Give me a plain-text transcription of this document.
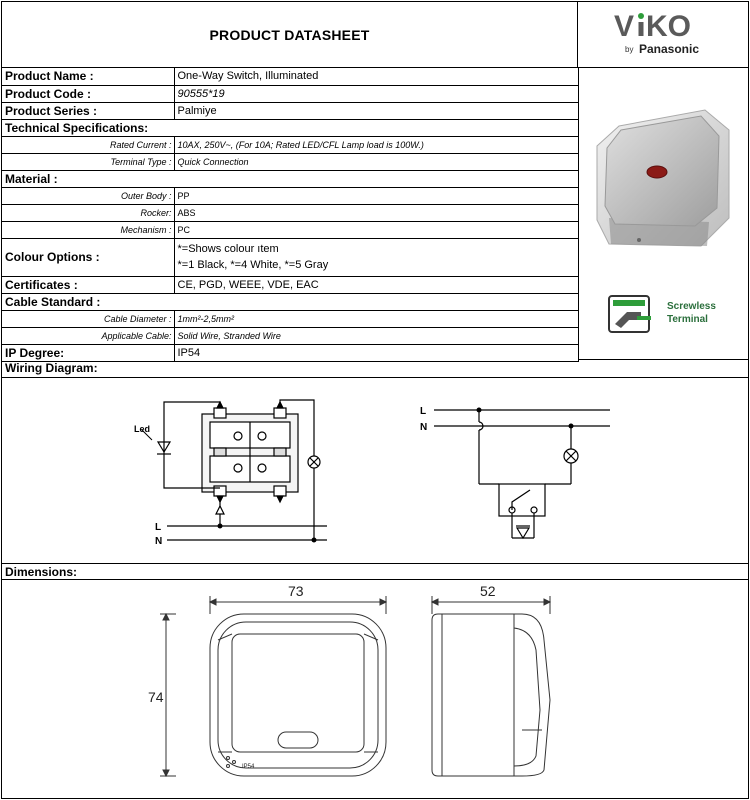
PRODUCT DATASHEET	V KO
by Panasonic
Product Name :	One-Way Switch, Illuminated
Product Code :	90555*19
Product Series :	Palmiye
Technical Specifications:	
Rated Current :	10AX, 250V~, (For 10A; Rated LED/CFL Lamp load is 100W.)
Terminal Type :	Quick Connection
Material :	
Outer Body :	PP
Rocker:	ABS
Mechanism :	PC
Colour Options :	*=Shows colour ıtem
*=1 Black, *=4 White, *=5 Gray

Certificates :	CE, PGD, WEEE, VDE, EAC
Cable Standard :	
Cable Diameter :	1mm²-2,5mm²
Applicable Cable:	Solid Wire, Stranded Wire
IP Degree:	IP54
Screwless
Terminal
Wiring Diagram:
Led
L
N
L
N
Dimensions:
73	52
74
IP54
